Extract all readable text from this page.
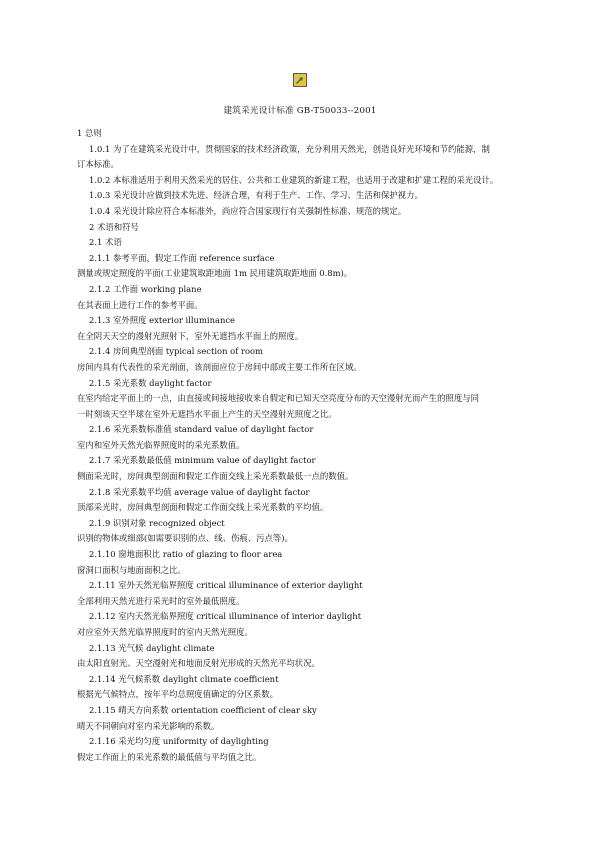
建筑采光设计标准 GB-T50033--2001
1 总则
1.0.1 为了在建筑采光设计中，贯彻国家的技术经济政策，充分利用天然光，创造良好光环境和节约能源，制
订本标准。
1.0.2 本标准适用于利用天然采光的居住、公共和工业建筑的新建工程，也适用于改建和扩建工程的采光设计。
1.0.3 采光设计应做到技术先进、经济合理，有利于生产、工作、学习、生活和保护视力。
1.0.4 采光设计除应符合本标准外，尚应符合国家现行有关强制性标准、规范的规定。
2 术语和符号
2.1 术语
2.1.1 参考平面，假定工作面 reference surface
测量或规定照度的平面(工业建筑取距地面 1m 民用建筑取距地面 0.8m)。
2.1.2 工作面 working plane
在其表面上进行工作的参考平面。
2.1.3 室外照度 exterior illuminance
在全阴天天空的漫射光照射下，室外无遮挡水平面上的照度。
2.1.4 房间典型剖面 typical section of room
房间内具有代表性的采光剖面，该剖面应位于房间中部或主要工作所在区域。
2.1.5 采光系数 daylight factor
在室内给定平面上的一点，由直接或间接地接收来自假定和已知天空亮度分布的天空漫射光而产生的照度与同
一时刻该天空半球在室外无遮挡水平面上产生的天空漫射光照度之比。
2.1.6 采光系数标准值 standard value of daylight factor
室内和室外天然光临界照度时的采光系数值。
2.1.7 采光系数最低值 minimum value of daylight factor
侧面采光时，房间典型剖面和假定工作面交线上采光系数最低一点的数值。
2.1.8 采光系数平均值 average value of daylight factor
顶部采光时，房间典型剖面和假定工作面交线上采光系数的平均值。
2.1.9 识别对象 recognized object
识别的物体或细部(如需要识别的点、线、伤痕、污点等)。
2.1.10 窗地面积比 ratio of glazing to floor area
窗洞口面积与地面面积之比。
2.1.11 室外天然光临界照度 critical illuminance of exterior daylight
全部利用天然光进行采光时的室外最低照度。
2.1.12 室内天然光临界照度 critical illuminance of interior daylight
对应室外天然光临界照度时的室内天然光照度。
2.1.13 光气候 daylight climate
由太阳直射光、天空漫射光和地面反射光形成的天然光平均状况。
2.1.14 光气候系数 daylight climate coefficient
根据光气候特点，按年平均总照度值确定的分区系数。
2.1.15 晴天方向系数 orientation coefficient of clear sky
晴天不同朝向对室内采光影响的系数。
2.1.16 采光均匀度 uniformity of daylighting
假定工作面上的采光系数的最低值与平均值之比。
